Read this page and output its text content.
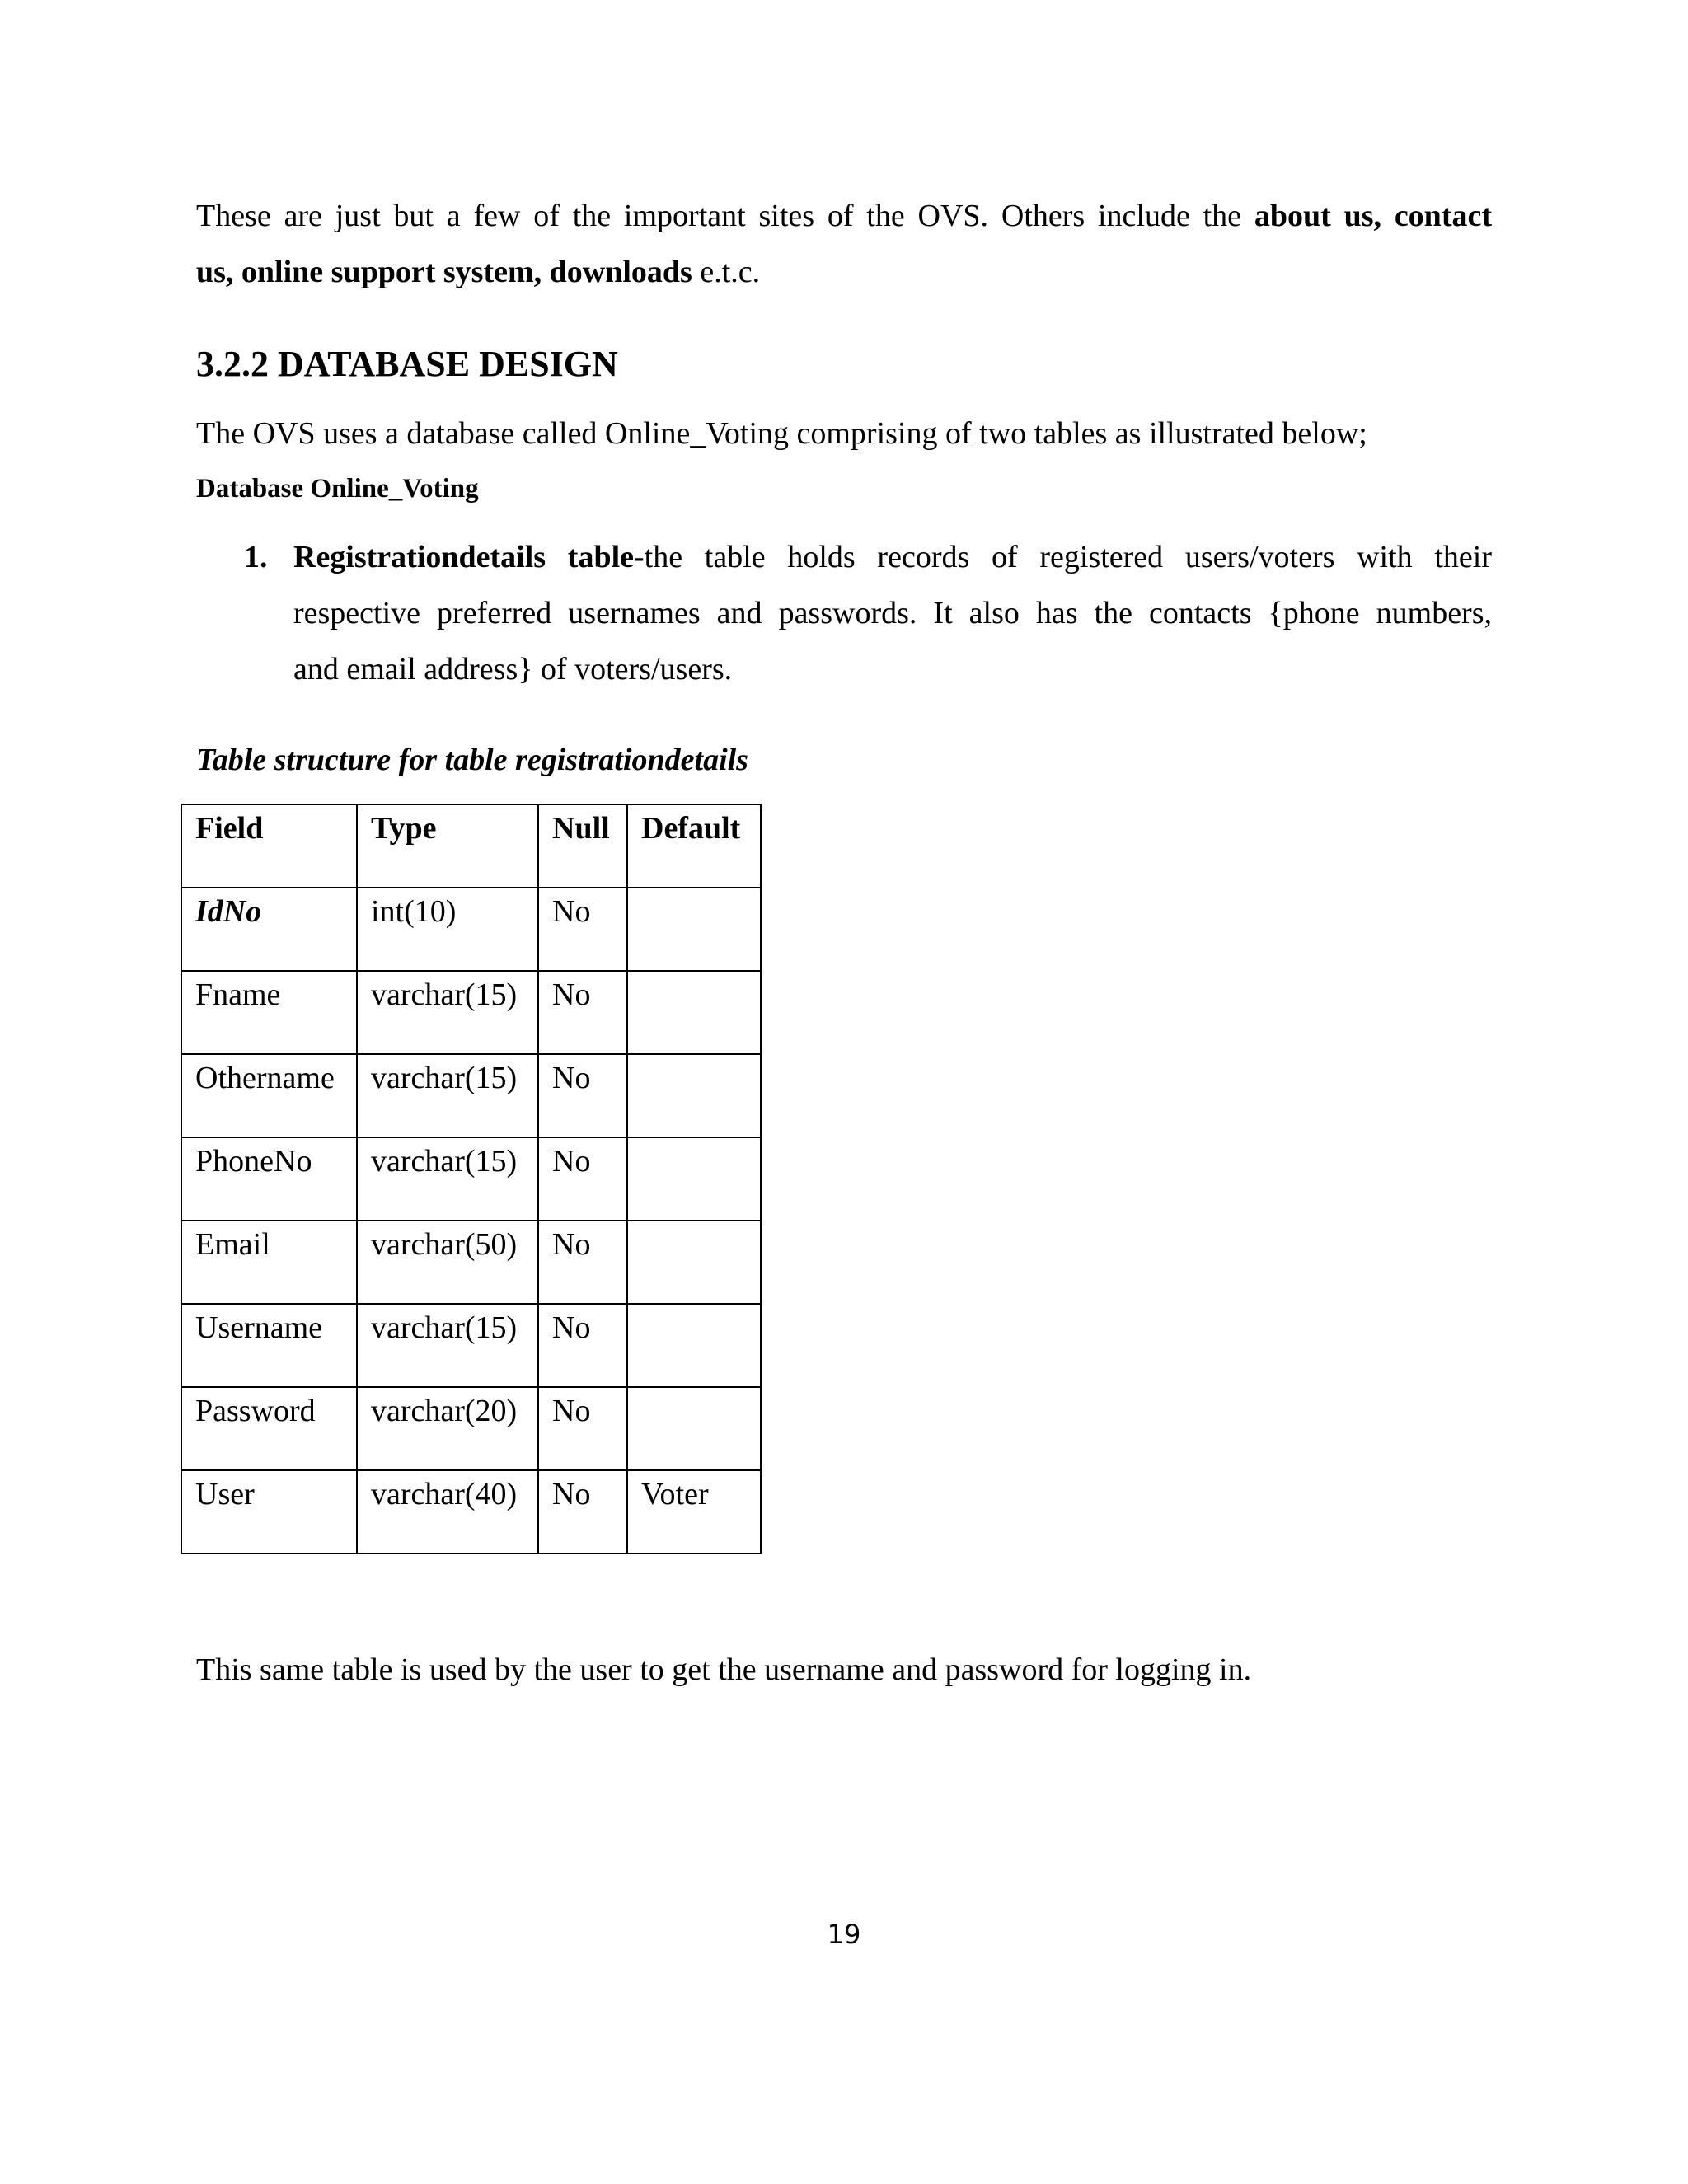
These are just but a few of the important sites of the OVS. Others include the about us, contact
us, online support system, downloads e.t.c.
3.2.2 DATABASE DESIGN
The OVS uses a database called Online_Voting comprising of two tables as illustrated below;
Database Online_Voting
1. Registrationdetails table-the table holds records of registered users/voters with their
respective preferred usernames and passwords. It also has the contacts {phone numbers,
and email address} of voters/users.
Table structure for table registrationdetails
Field	Type	Null	Default
IdNo	int(10)	No	
Fname	varchar(15)	No	
Othername	varchar(15)	No	
PhoneNo	varchar(15)	No	
Email	varchar(50)	No	
Username	varchar(15)	No	
Password	varchar(20)	No	
User	varchar(40)	No	Voter
This same table is used by the user to get the username and password for logging in.
19
